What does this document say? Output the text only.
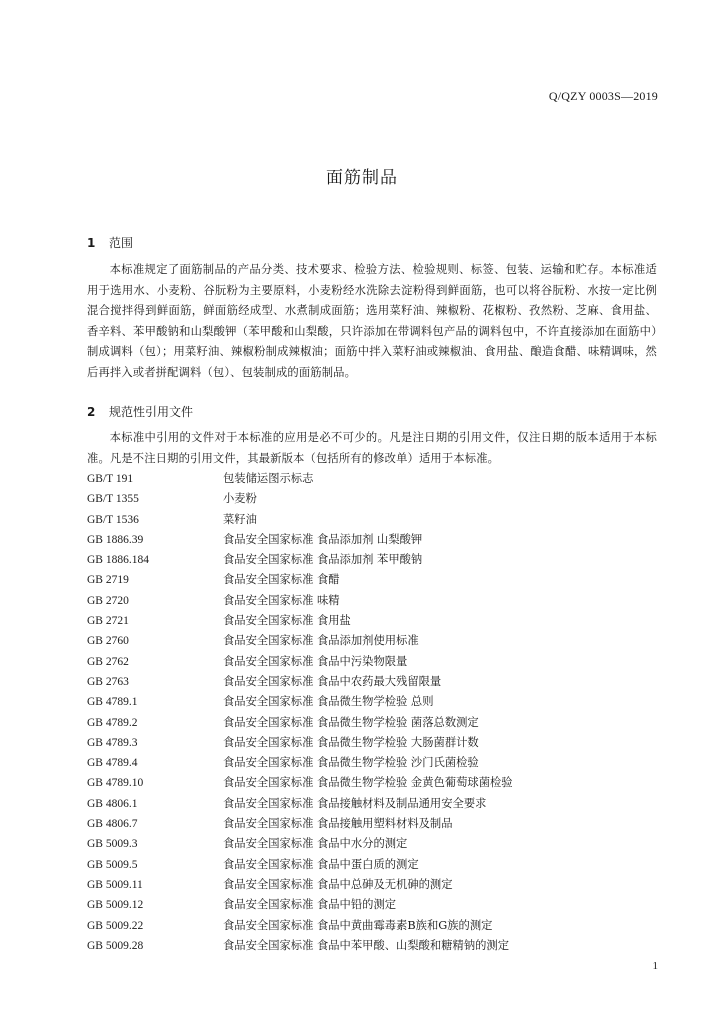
Q/QZY 0003S—2019
面筋制品
1 范围

本标准规定了面筋制品的产品分类、技术要求、检验方法、检验规则、标签、包装、运输和贮存。本标准适用于选用水、小麦粉、谷朊粉为主要原料，小麦粉经水洗除去淀粉得到鲜面筋，也可以将谷朊粉、水按一定比例混合搅拌得到鲜面筋，鲜面筋经成型、水煮制成面筋；选用菜籽油、辣椒粉、花椒粉、孜然粉、芝麻、食用盐、香辛料、苯甲酸钠和山梨酸钾（苯甲酸和山梨酸，只许添加在带调料包产品的调料包中，不许直接添加在面筋中）制成调料（包）；用菜籽油、辣椒粉制成辣椒油；面筋中拌入菜籽油或辣椒油、食用盐、酿造食醋、味精调味，然后再拌入或者拼配调料（包）、包装制成的面筋制品。

2 规范性引用文件

本标准中引用的文件对于本标准的应用是必不可少的。凡是注日期的引用文件，仅注日期的版本适用于本标准。凡是不注日期的引用文件，其最新版本（包括所有的修改单）适用于本标准。

GB/T 191	包装储运图示标志
GB/T 1355	小麦粉
GB/T 1536	菜籽油
GB 1886.39	食品安全国家标准 食品添加剂 山梨酸钾
GB 1886.184	食品安全国家标准 食品添加剂 苯甲酸钠
GB 2719	食品安全国家标准 食醋
GB 2720	食品安全国家标准 味精
GB 2721	食品安全国家标准 食用盐
GB 2760	食品安全国家标准 食品添加剂使用标准
GB 2762	食品安全国家标准 食品中污染物限量
GB 2763	食品安全国家标准 食品中农药最大残留限量
GB 4789.1	食品安全国家标准 食品微生物学检验 总则
GB 4789.2	食品安全国家标准 食品微生物学检验 菌落总数测定
GB 4789.3	食品安全国家标准 食品微生物学检验 大肠菌群计数
GB 4789.4	食品安全国家标准 食品微生物学检验 沙门氏菌检验
GB 4789.10	食品安全国家标准 食品微生物学检验 金黄色葡萄球菌检验
GB 4806.1	食品安全国家标准 食品接触材料及制品通用安全要求
GB 4806.7	食品安全国家标准 食品接触用塑料材料及制品
GB 5009.3	食品安全国家标准 食品中水分的测定
GB 5009.5	食品安全国家标准 食品中蛋白质的测定
GB 5009.11	食品安全国家标准 食品中总砷及无机砷的测定
GB 5009.12	食品安全国家标准 食品中铅的测定
GB 5009.22	食品安全国家标准 食品中黄曲霉毒素B族和G族的测定
GB 5009.28	食品安全国家标准 食品中苯甲酸、山梨酸和糖精钠的测定
1
